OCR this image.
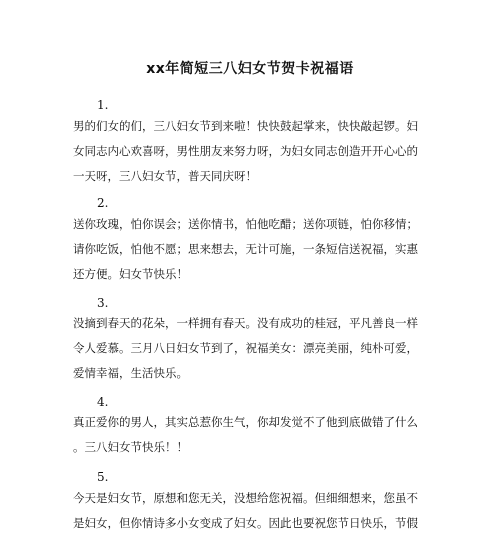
xx年简短三八妇女节贺卡祝福语
1.
男的们女的们，三八妇女节到来啦！快快鼓起掌来，快快敲起锣。妇
女同志内心欢喜呀，男性朋友来努力呀，为妇女同志创造开开心心的
一天呀，三八妇女节，普天同庆呀！
2.
送你玫瑰，怕你误会；送你情书，怕他吃醋；送你项链，怕你移情；
请你吃饭，怕他不愿；思来想去，无计可施，一条短信送祝福，实惠
还方便。妇女节快乐！
3.
没摘到春天的花朵，一样拥有春天。没有成功的桂冠，平凡善良一样
令人爱慕。三月八日妇女节到了，祝福美女：漂亮美丽，纯朴可爱，
爱情幸福，生活快乐。
4.
真正爱你的男人，其实总惹你生气，你却发觉不了他到底做错了什么
。三八妇女节快乐！！
5.
今天是妇女节，原想和您无关，没想给您祝福。但细细想来，您虽不
是妇女，但你情诗多小女变成了妇女。因此也要祝您节日快乐，节假
